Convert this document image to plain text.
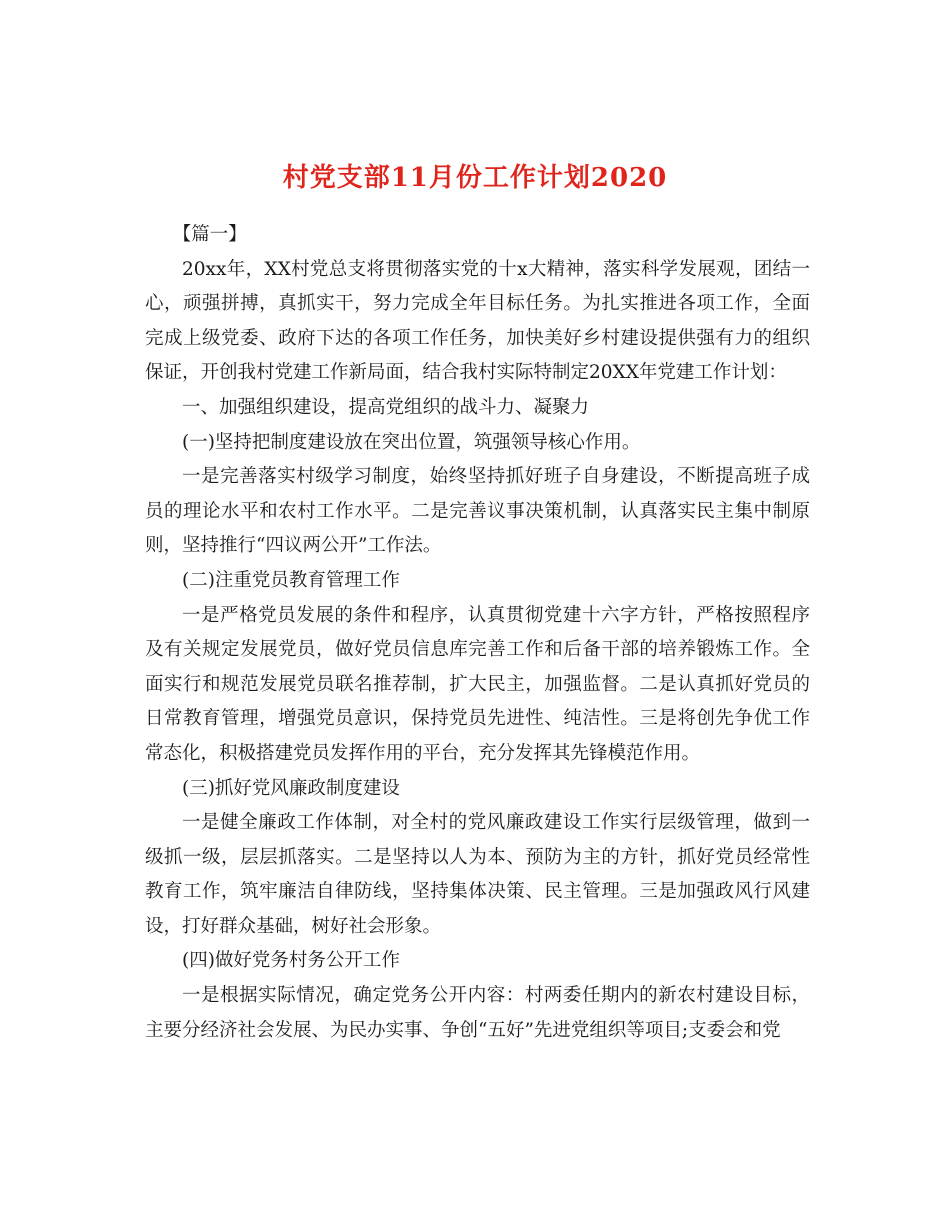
村党支部11月份工作计划2020

【篇一】

20xx年，XX村党总支将贯彻落实党的十x大精神，落实科学发展观，团结一心，顽强拼搏，真抓实干，努力完成全年目标任务。为扎实推进各项工作，全面完成上级党委、政府下达的各项工作任务，加快美好乡村建设提供强有力的组织保证，开创我村党建工作新局面，结合我村实际特制定20XX年党建工作计划：

一、加强组织建设，提高党组织的战斗力、凝聚力

(一)坚持把制度建设放在突出位置，筑强领导核心作用。

一是完善落实村级学习制度，始终坚持抓好班子自身建设，不断提高班子成员的理论水平和农村工作水平。二是完善议事决策机制，认真落实民主集中制原则，坚持推行“四议两公开”工作法。

(二)注重党员教育管理工作

一是严格党员发展的条件和程序，认真贯彻党建十六字方针，严格按照程序及有关规定发展党员，做好党员信息库完善工作和后备干部的培养锻炼工作。全面实行和规范发展党员联名推荐制，扩大民主，加强监督。二是认真抓好党员的日常教育管理，增强党员意识，保持党员先进性、纯洁性。三是将创先争优工作常态化，积极搭建党员发挥作用的平台，充分发挥其先锋模范作用。

(三)抓好党风廉政制度建设

一是健全廉政工作体制，对全村的党风廉政建设工作实行层级管理，做到一级抓一级，层层抓落实。二是坚持以人为本、预防为主的方针，抓好党员经常性教育工作，筑牢廉洁自律防线，坚持集体决策、民主管理。三是加强政风行风建设，打好群众基础，树好社会形象。

(四)做好党务村务公开工作

一是根据实际情况，确定党务公开内容：村两委任期内的新农村建设目标，主要分经济社会发展、为民办实事、争创“五好”先进党组织等项目;支委会和党
